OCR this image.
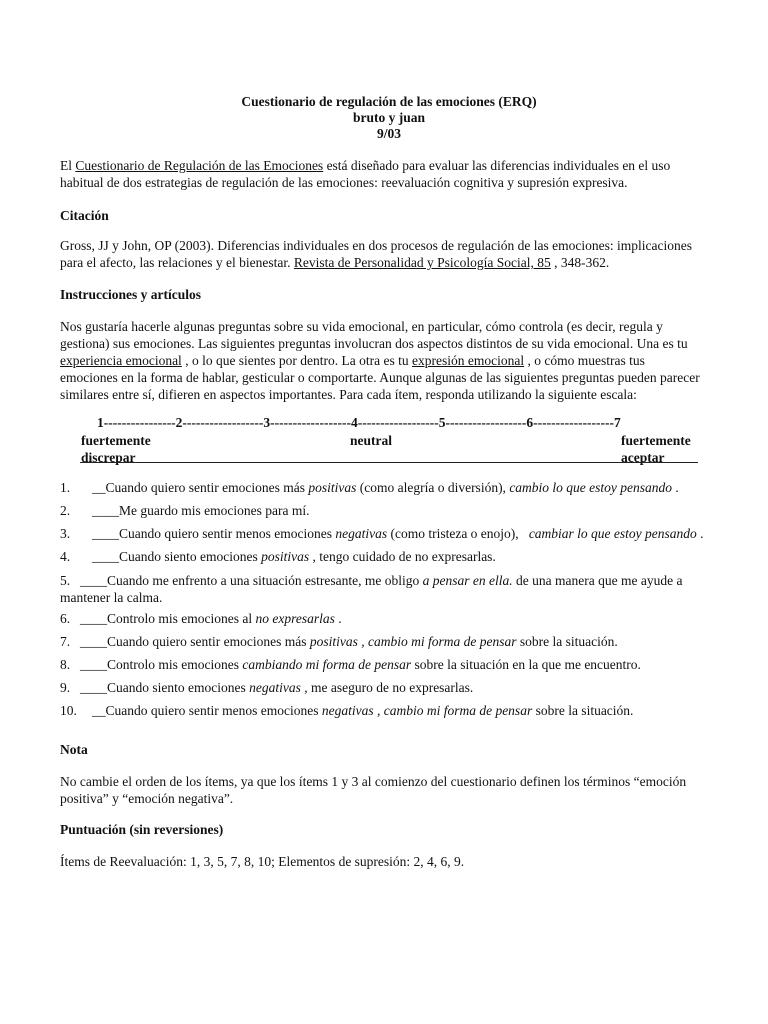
Cuestionario de regulación de las emociones (ERQ)
bruto y juan
9/03
El Cuestionario de Regulación de las Emociones está diseñado para evaluar las diferencias individuales en el uso
habitual de dos estrategias de regulación de las emociones: reevaluación cognitiva y supresión expresiva.
Citación
Gross, JJ y John, OP (2003). Diferencias individuales en dos procesos de regulación de las emociones: implicaciones
para el afecto, las relaciones y el bienestar. Revista de Personalidad y Psicología Social, 85 , 348-362.
Instrucciones y artículos
Nos gustaría hacerle algunas preguntas sobre su vida emocional, en particular, cómo controla (es decir, regula y
gestiona) sus emociones. Las siguientes preguntas involucran dos aspectos distintos de su vida emocional. Una es tu
experiencia emocional , o lo que sientes por dentro. La otra es tu expresión emocional , o cómo muestras tus
emociones en la forma de hablar, gesticular o comportarte. Aunque algunas de las siguientes preguntas pueden parecer
similares entre sí, difieren en aspectos importantes. Para cada ítem, responda utilizando la siguiente escala:
1----------------2------------------3------------------4------------------5------------------6------------------7
fuertemente
discrepar
neutral	fuertemente
aceptar
1. __Cuando quiero sentir emociones más positivas (como alegría o diversión), cambio lo que estoy pensando .
2. ____Me guardo mis emociones para mí.
3. ____Cuando quiero sentir menos emociones negativas (como tristeza o enojo),   cambiar lo que estoy pensando .
4. ____Cuando siento emociones positivas , tengo cuidado de no expresarlas.
5. ____Cuando me enfrento a una situación estresante, me obligo a pensar en ella. de una manera que me ayude a
mantener la calma.
6. ____Controlo mis emociones al no expresarlas .
7. ____Cuando quiero sentir emociones más positivas , cambio mi forma de pensar sobre la situación.
8. ____Controlo mis emociones cambiando mi forma de pensar sobre la situación en la que me encuentro.
9. ____Cuando siento emociones negativas , me aseguro de no expresarlas.
10. __Cuando quiero sentir menos emociones negativas , cambio mi forma de pensar sobre la situación.
Nota
No cambie el orden de los ítems, ya que los ítems 1 y 3 al comienzo del cuestionario definen los términos “emoción
positiva” y “emoción negativa”.
Puntuación (sin reversiones)
Ítems de Reevaluación: 1, 3, 5, 7, 8, 10; Elementos de supresión: 2, 4, 6, 9.
